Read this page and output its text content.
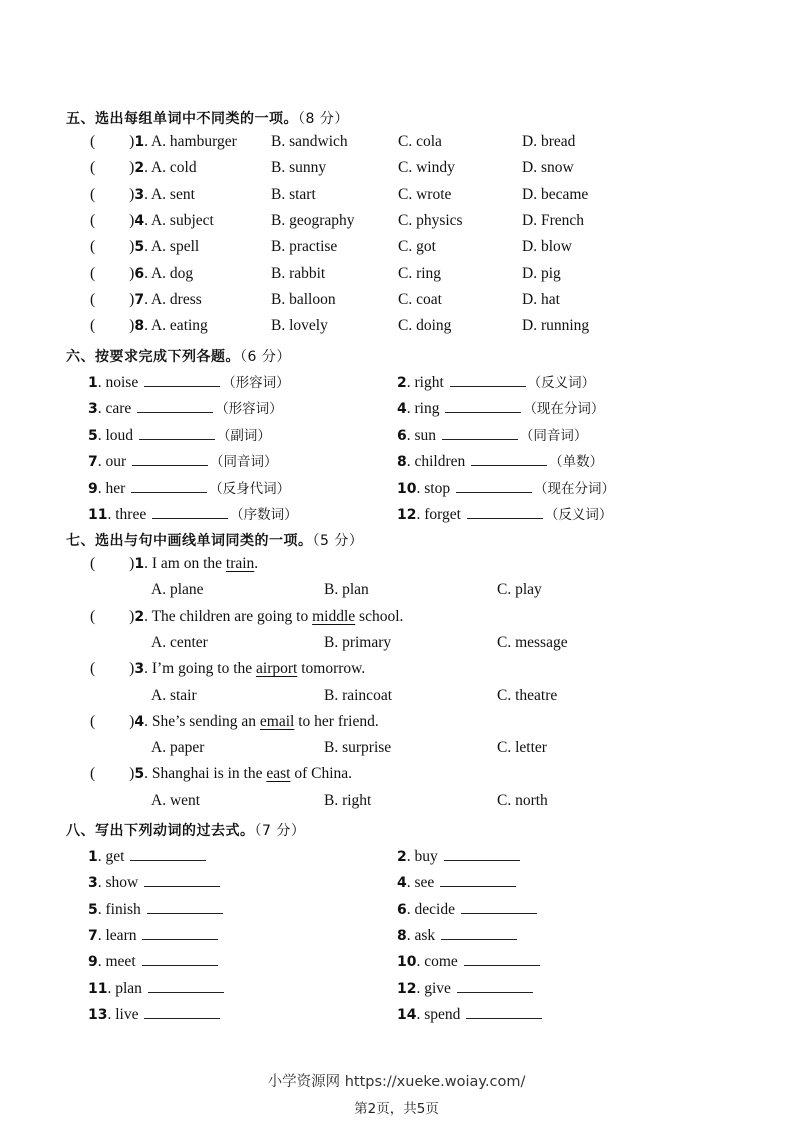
五、选出每组单词中不同类的一项。（8 分）
( )1. A. hamburger B. sandwich	C. cola	D. bread
( )2. A. cold	B. sunny	C. windy	D. snow
( )3. A. sent	B. start	C. wrote	D. became
( )4. A. subject	B. geography	C. physics	D. French
( )5. A. spell	B. practise	C. got	D. blow
( )6. A. dog	B. rabbit	C. ring	D. pig
( )7. A. dress	B. balloon	C. coat	D. hat
( )8. A. eating	B. lovely	C. doing	D. running
六、按要求完成下列各题。（6 分）
1. noise	（形容词）	2. right	（反义词）
3. care	（形容词）	4. ring	（现在分词）
5. loud	（副词）	6. sun	（同音词）
7. our	（同音词）	8. children	（单数）
9. her	（反身代词）	10. stop	（现在分词）
11. three	（序数词）	12. forget	（反义词）
七、选出与句中画线单词同类的一项。（5 分）
( )1. I am on the train.
A. plane	B. plan	C. play
( )2. The children are going to middle school.
A. center	B. primary	C. message
( )3. I’m going to the airport tomorrow.
A. stair	B. raincoat	C. theatre
( )4. She’s sending an email to her friend.
A. paper	B. surprise	C. letter
( )5. Shanghai is in the east of China.
A. went	B. right	C. north
八、写出下列动词的过去式。（7 分）
1. get	2. buy
3. show	4. see
5. finish	6. decide
7. learn	8. ask
9. meet	10. come
11. plan	12. give
13. live	14. spend
小学资源网 https://xueke.woiay.com/
第2页，共5页
